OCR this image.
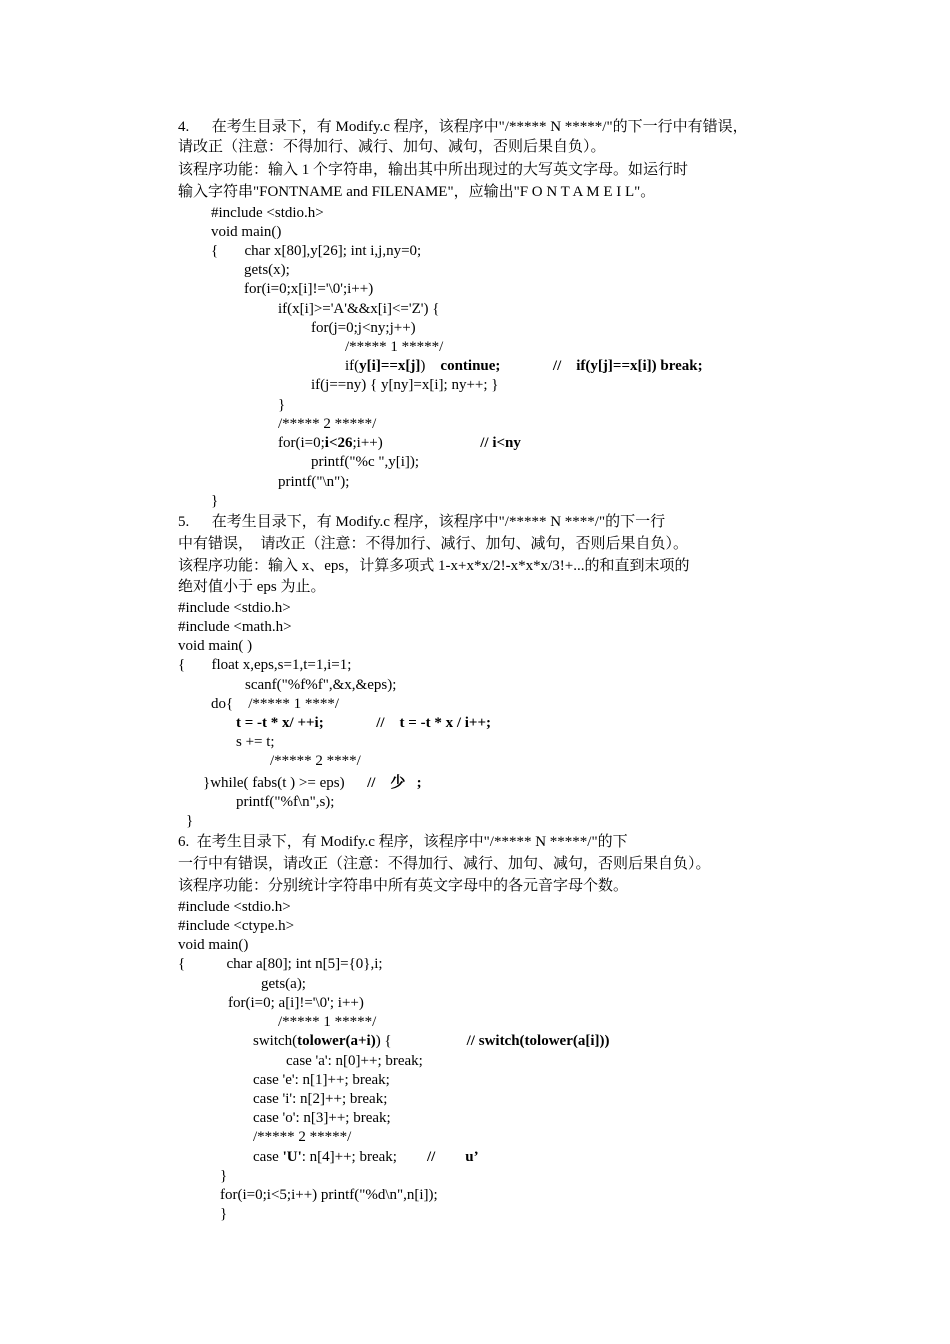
4.      在考生目录下，有 Modify.c 程序，该程序中"/***** N *****/"的下一行中有错误，
请改正（注意：不得加行、减行、加句、减句，否则后果自负）。
该程序功能：输入 1 个字符串，输出其中所出现过的大写英文字母。如运行时
输入字符串"FONTNAME and FILENAME"，应输出"F O N T A M E I L"。
#include <stdio.h>
void main()
{       char x[80],y[26]; int i,j,ny=0;
gets(x);
for(i=0;x[i]!='\0';i++)
if(x[i]>='A'&&x[i]<='Z') {
for(j=0;j<ny;j++)
/***** 1 *****/
if(y[i]==x[j])    continue;	//    if(y[j]==x[i]) break;
if(j==ny) { y[ny]=x[i]; ny++; }
}
/***** 2 *****/
for(i=0;i<26;i++)                          // i<ny
printf("%c ",y[i]);
printf("\n");
}
5.      在考生目录下，有 Modify.c 程序，该程序中"/***** N ****/"的下一行
中有错误，  请改正（注意：不得加行、减行、加句、减句，否则后果自负）。
该程序功能：输入 x、eps，计算多项式 1-x+x*x/2!-x*x*x/3!+...的和直到末项的
绝对值小于 eps 为止。
#include <stdio.h>
#include <math.h>
void main( )
{       float x,eps,s=1,t=1,i=1;
scanf("%f%f",&x,&eps);
do{    /***** 1 ****/
t = -t * x/ ++i;	//    t = -t * x / i++;
s += t;
/***** 2 ****/
}while( fabs(t ) >= eps)      //    少   ;
printf("%f\n",s);
}
6.  在考生目录下，有 Modify.c 程序，该程序中"/***** N *****/"的下
一行中有错误，请改正（注意：不得加行、减行、加句、减句，否则后果自负）。
该程序功能：分别统计字符串中所有英文字母中的各元音字母个数。
#include <stdio.h>
#include <ctype.h>
void main()
{           char a[80]; int n[5]={0},i;
gets(a);
for(i=0; a[i]!='\0'; i++)
/***** 1 *****/
switch(tolower(a+i)) {                    // switch(tolower(a[i]))
case 'a': n[0]++; break;
case 'e': n[1]++; break;
case 'i': n[2]++; break;
case 'o': n[3]++; break;
/***** 2 *****/
case 'U': n[4]++; break;        //        u’
}
for(i=0;i<5;i++) printf("%d\n",n[i]);
}
